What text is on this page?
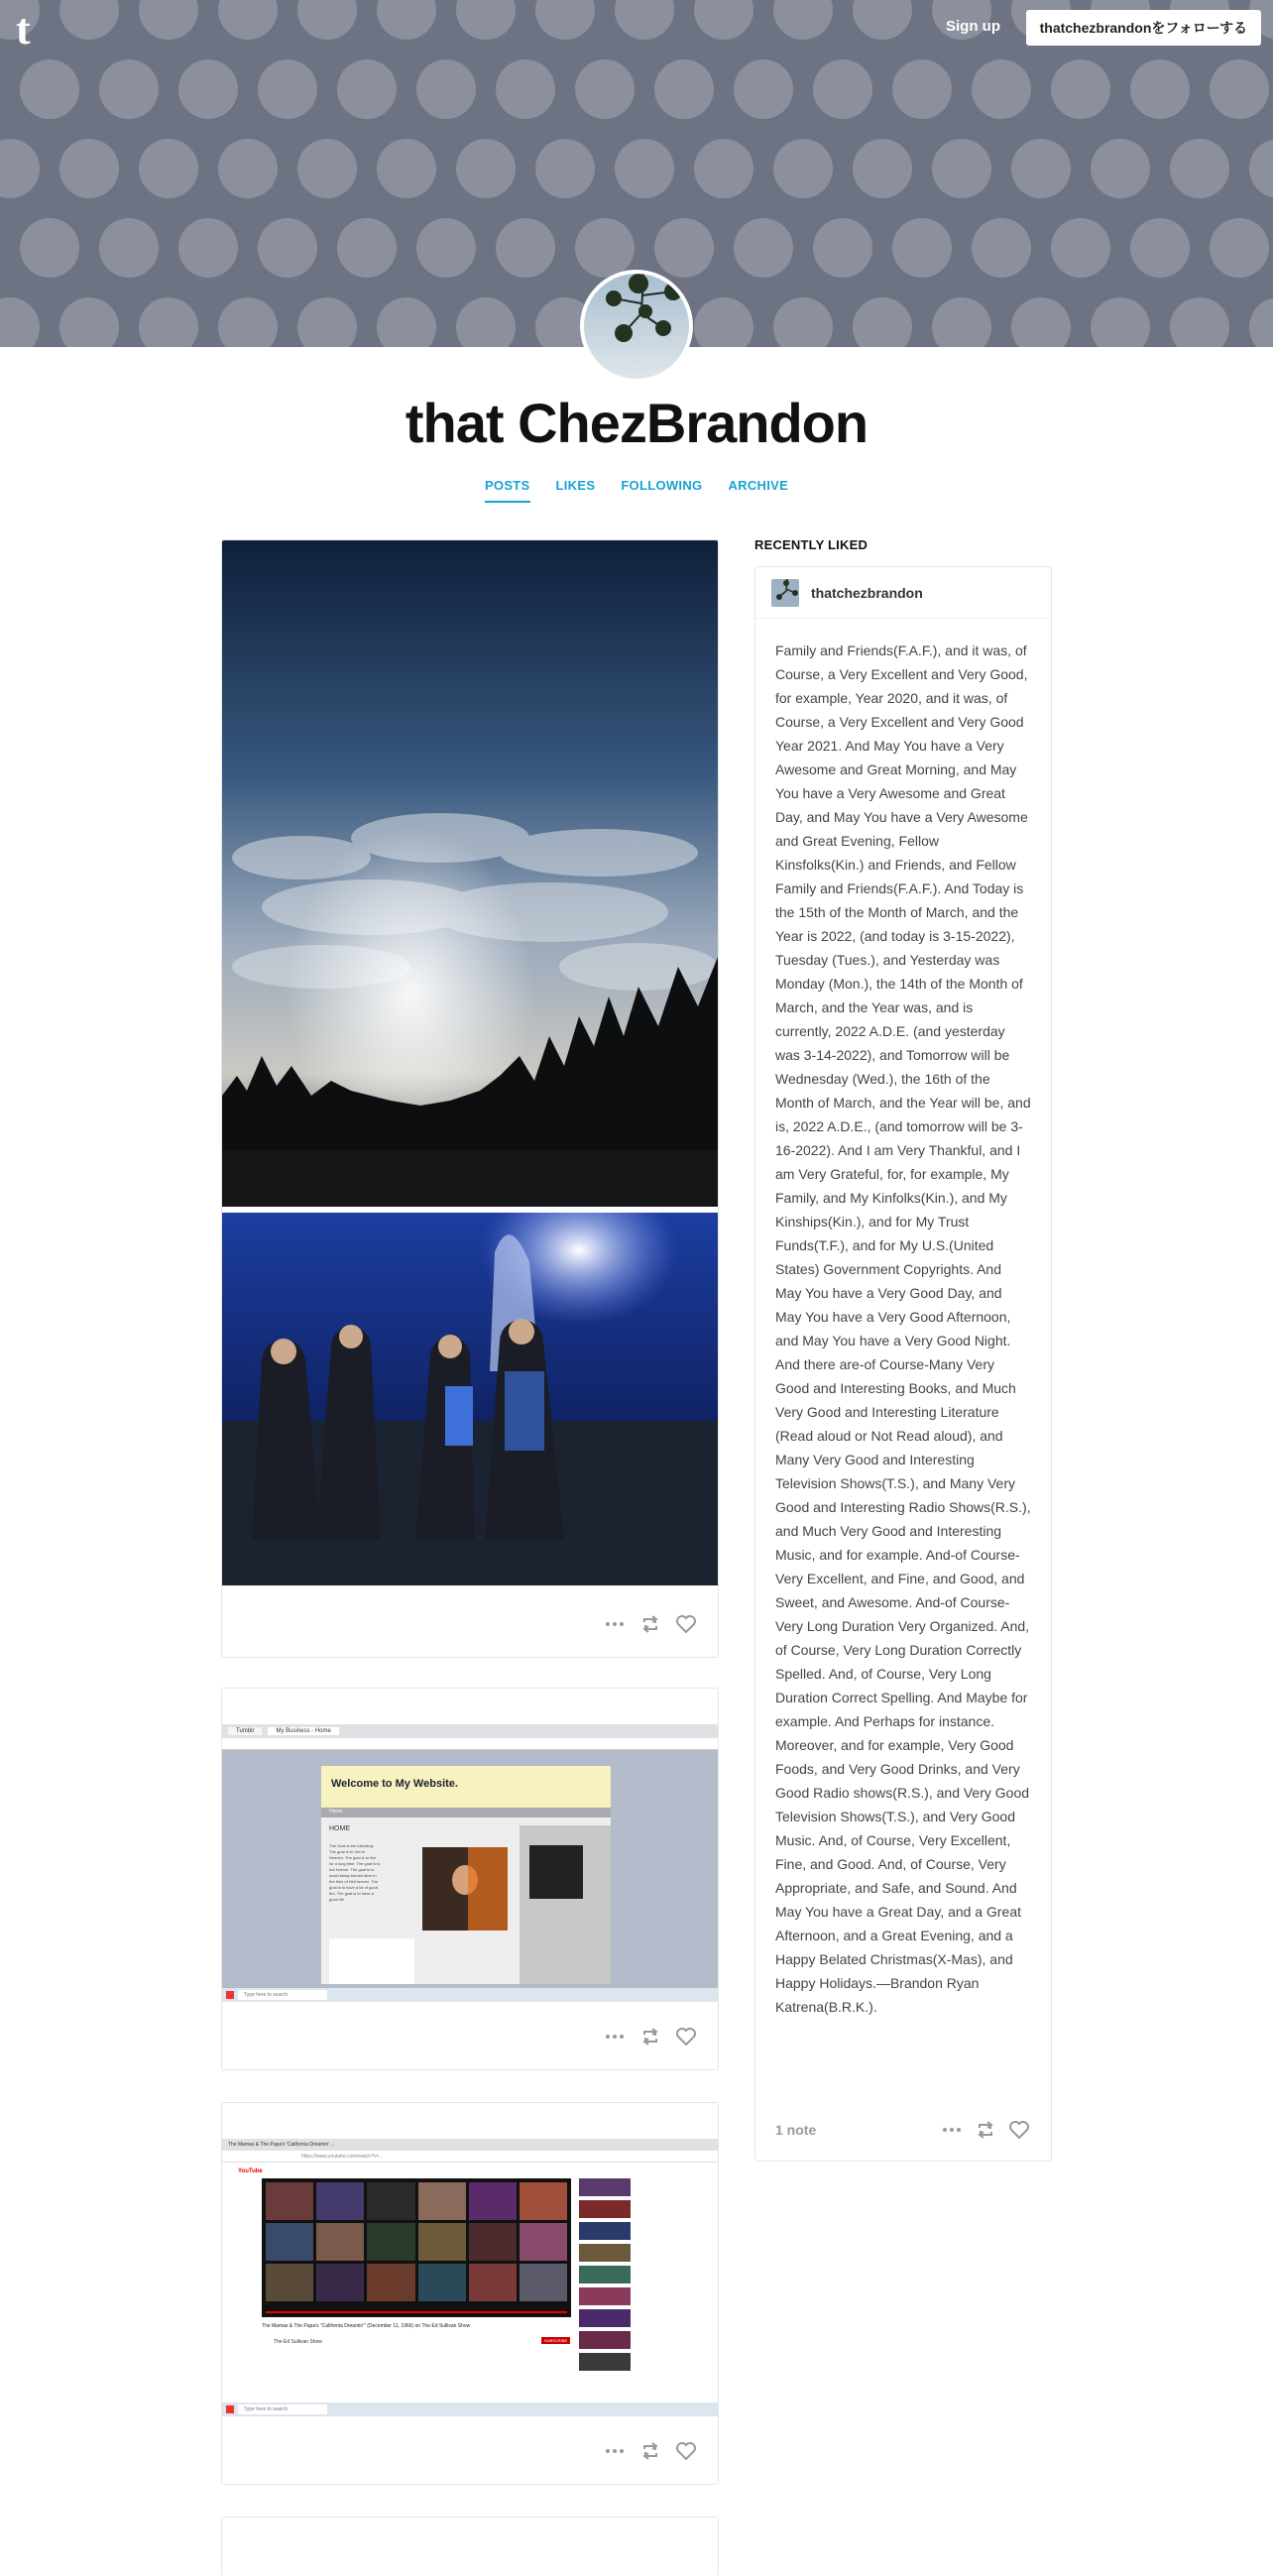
t	Sign up	thatchezbrandonをフォローする
that ChezBrandon
POSTS LIKES FOLLOWING ARCHIVE
Tumblr	My Business - Home
Welcome to My Website.
Home
HOME
The Goal is the following: The goal is to Get to Heaven. The goal is to live for a long time. The goal is to live forever. The goal is to avoid being burned alive in the fires of Hell forever. The goal is to have a lot of good fun. The goal is to have a good life.
Type here to search
The Mamas & The Papa's 'California Dreamin' ...
https://www.youtube.com/watch?v=...
YouTube
The Mamas & The Papa's "California Dreamin'" (December 11, 1966) on The Ed Sullivan Show
The Ed Sullivan Show	SUBSCRIBE
Type here to search
RECENTLY LIKED
thatchezbrandon
Family and Friends(F.A.F.), and it was, of Course, a Very Excellent and Very Good, for example, Year 2020, and it was, of Course, a Very Excellent and Very Good Year 2021. And May You have a Very Awesome and Great Morning, and May You have a Very Awesome and Great Day, and May You have a Very Awesome and Great Evening, Fellow Kinsfolks(Kin.) and Friends, and Fellow Family and Friends(F.A.F.). And Today is the 15th of the Month of March, and the Year is 2022, (and today is 3-15-2022), Tuesday (Tues.), and Yesterday was Monday (Mon.), the 14th of the Month of March, and the Year was, and is currently, 2022 A.D.E. (and yesterday was 3-14-2022), and Tomorrow will be Wednesday (Wed.), the 16th of the Month of March, and the Year will be, and is, 2022 A.D.E., (and tomorrow will be 3-16-2022). And I am Very Thankful, and I am Very Grateful, for, for example, My Family, and My Kinfolks(Kin.), and My Kinships(Kin.), and for My Trust Funds(T.F.), and for My U.S.(United States) Government Copyrights. And May You have a Very Good Day, and May You have a Very Good Afternoon, and May You have a Very Good Night. And there are-of Course-Many Very Good and Interesting Books, and Much Very Good and Interesting Literature (Read aloud or Not Read aloud), and Many Very Good and Interesting Television Shows(T.S.), and Many Very Good and Interesting Radio Shows(R.S.), and Much Very Good and Interesting Music, and for example. And-of Course-Very Excellent, and Fine, and Good, and Sweet, and Awesome. And-of Course-Very Long Duration Very Organized. And, of Course, Very Long Duration Correctly Spelled. And, of Course, Very Long Duration Correct Spelling. And Maybe for example. And Perhaps for instance. Moreover, and for example, Very Good Foods, and Very Good Drinks, and Very Good Radio shows(R.S.), and Very Good Television Shows(T.S.), and Very Good Music. And, of Course, Very Excellent, Fine, and Good. And, of Course, Very Appropriate, and Safe, and Sound. And May You have a Great Day, and a Great Afternoon, and a Great Evening, and a Happy Belated Christmas(X-Mas), and Happy Holidays.—Brandon Ryan Katrena(B.R.K.).
1 note
